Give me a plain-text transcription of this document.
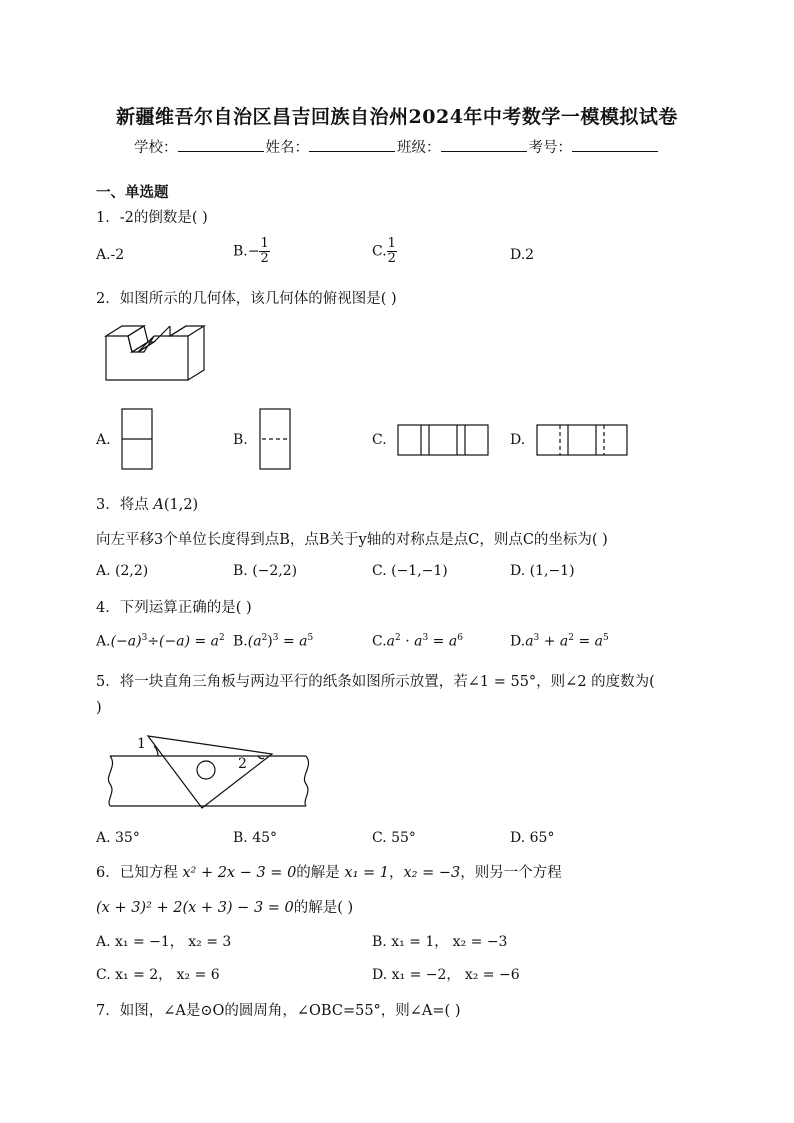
新疆维吾尔自治区昌吉回族自治州2024年中考数学一模模拟试卷
学校：	姓名：	班级：	考号：
一、单选题
1．-2的倒数是( )
A.-2	$B.- \frac{1}{2}$	C. $\frac{1}{2}$	D.2
2．如图所示的几何体，该几何体的俯视图是( )
A.	B.	C.	D.
3．将点 A(1,2)
向左平移3个单位长度得到点B，点B关于y轴的对称点是点C，则点C的坐标为( )
A. (2,2)	B. (−2,2)	C. (−1,−1)	D. (1,−1)
4．下列运算正确的是( )
$A.(-a)^3\div(-a) = a^2$ $B.(a^2)^3 = a^5$	$C.a^2 \cdot a^3 = a^6$	$D.a^3 + a^2 = a^5$
5．将一块直角三角板与两边平行的纸条如图所示放置，若∠1 = 55°，则∠2 的度数为(
)
1
2
A. 35°	B. 45°	C. 55°	D. 65°
6．已知方程 x² + 2x − 3 = 0的解是 x₁ = 1，x₂ = −3，则另一个方程
(x + 3)² + 2(x + 3) − 3 = 0的解是( )
A. x₁ = −1， x₂ = 3	B. x₁ = 1， x₂ = −3
C. x₁ = 2， x₂ = 6	D. x₁ = −2， x₂ = −6
7．如图，∠A是⊙O的圆周角，∠OBC=55°，则∠A=( )
